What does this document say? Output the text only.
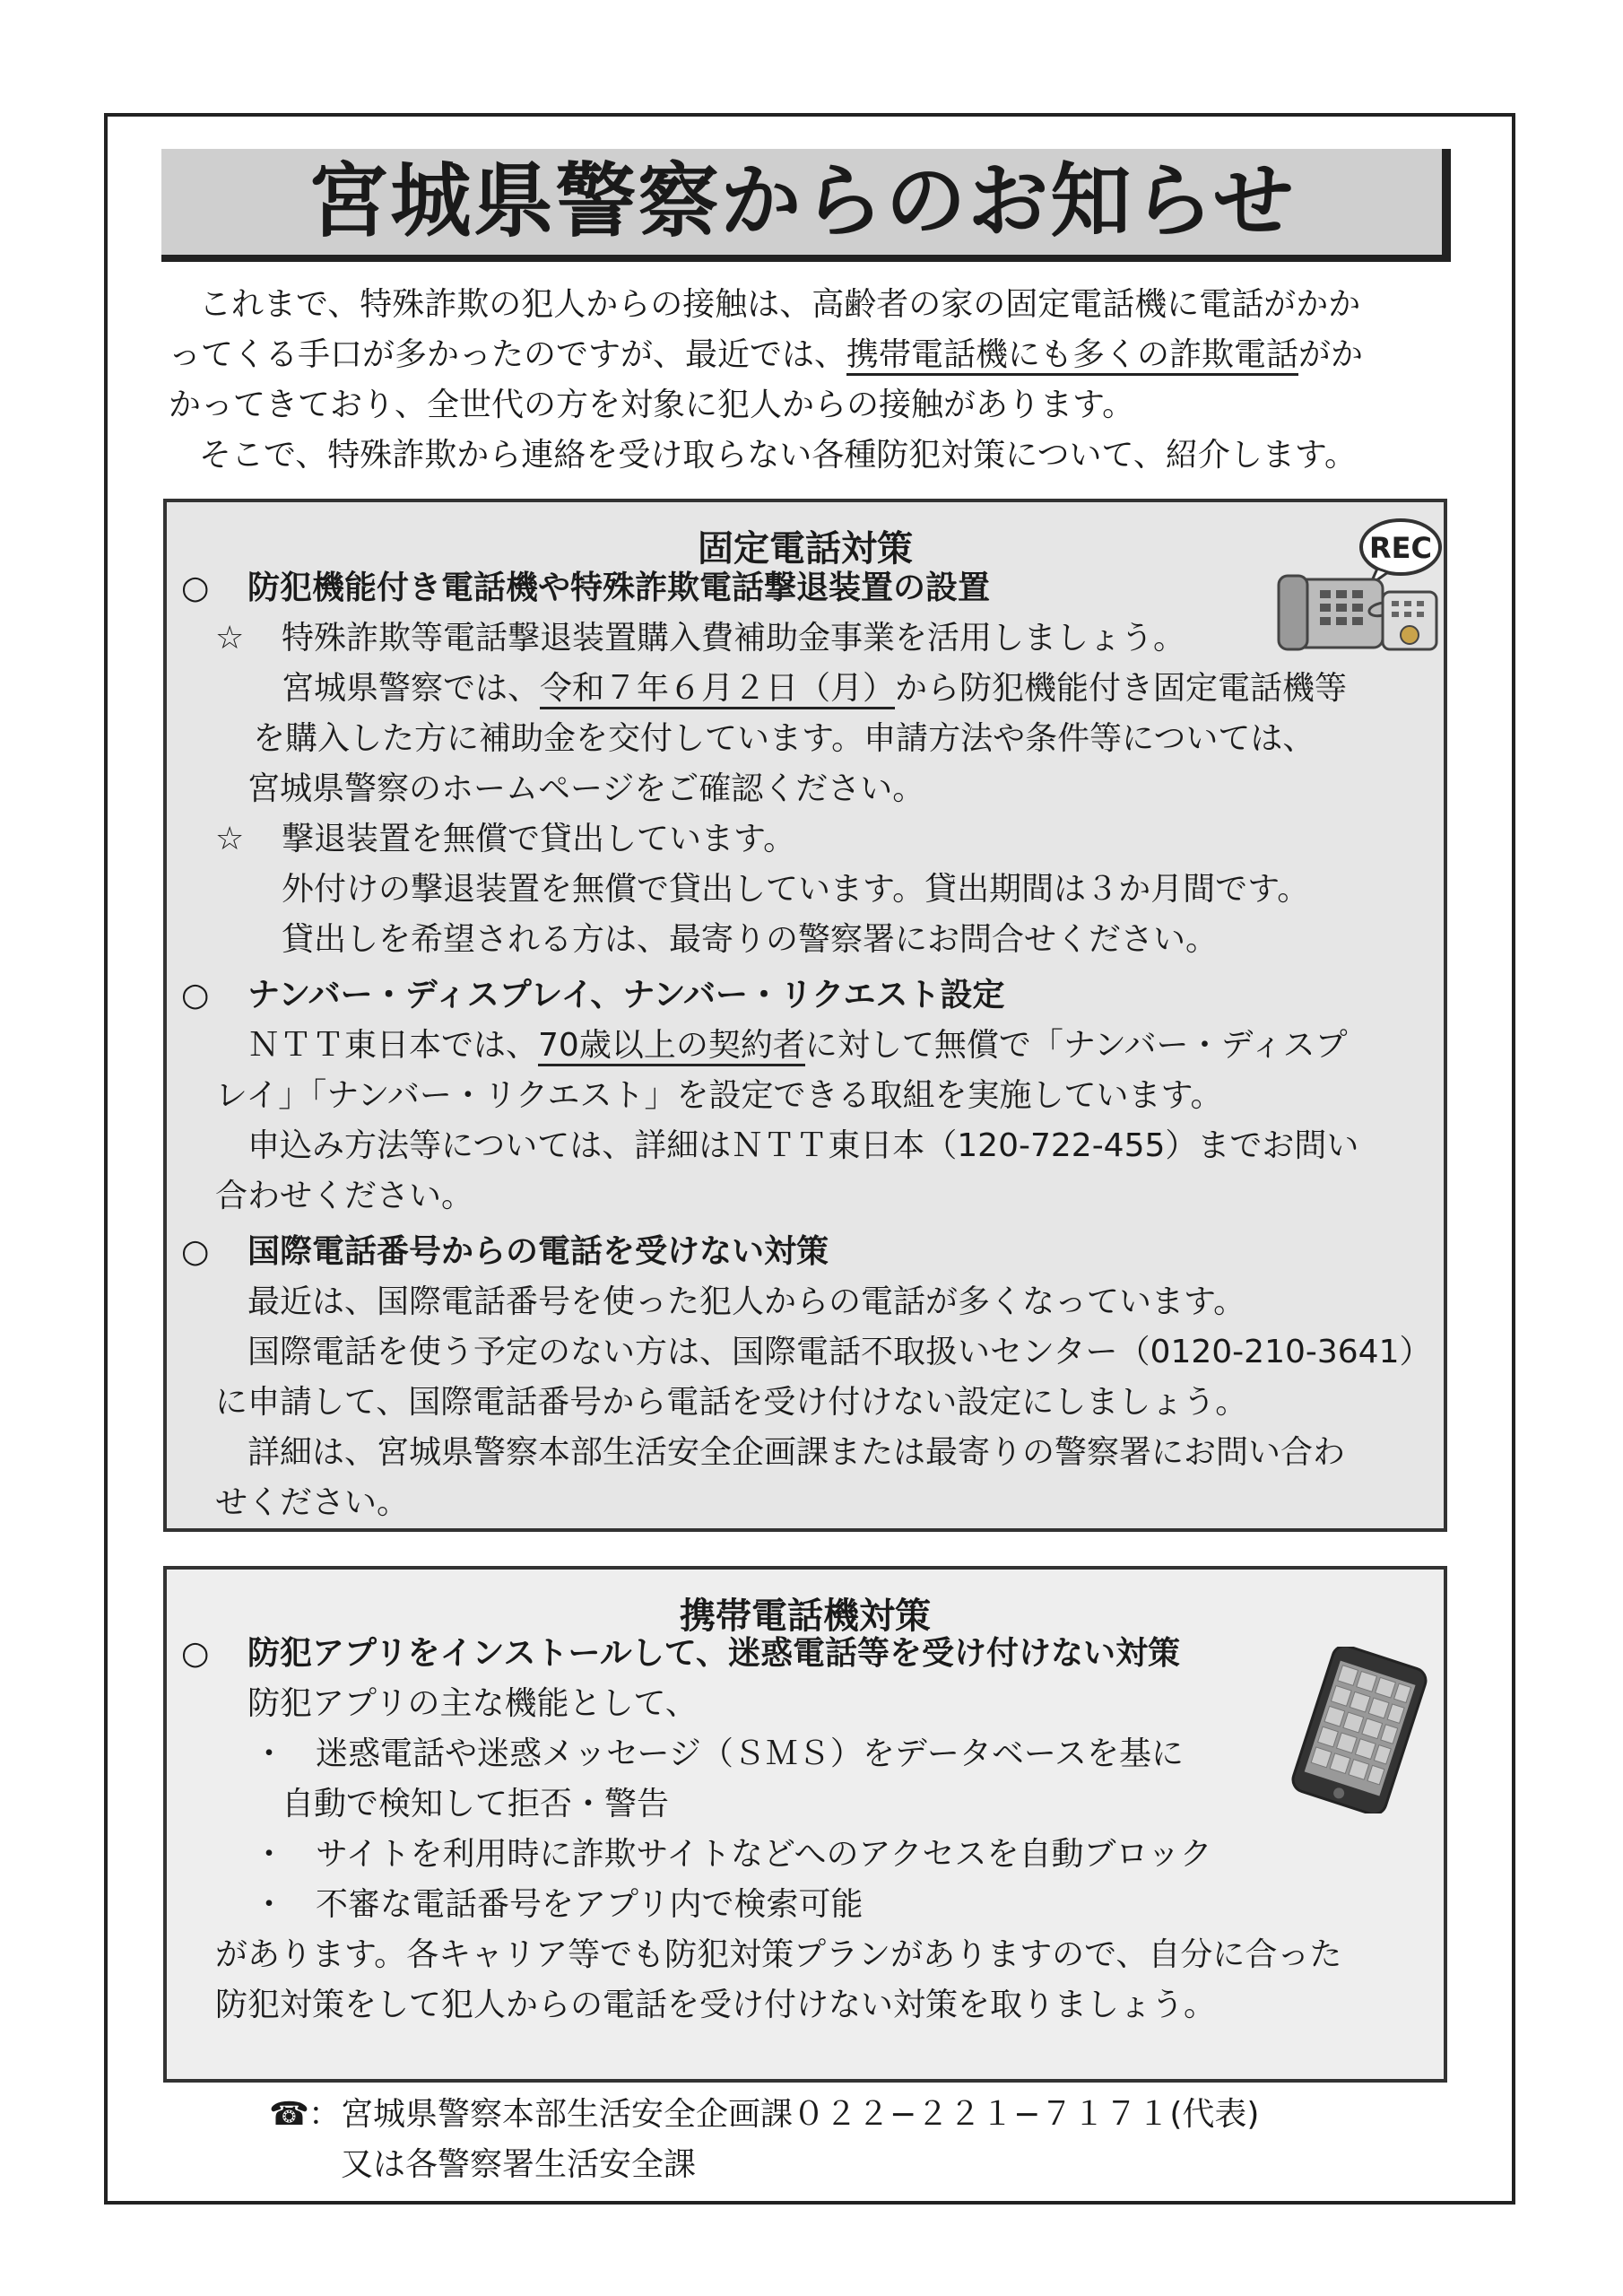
宮城県警察からのお知らせ
これまで、特殊詐欺の犯人からの接触は、高齢者の家の固定電話機に電話がかか
ってくる手口が多かったのですが、最近では、携帯電話機にも多くの詐欺電話がか
かってきており、全世代の方を対象に犯人からの接触があります。
そこで、特殊詐欺から連絡を受け取らない各種防犯対策について、紹介します。
固定電話対策	REC
○ 防犯機能付き電話機や特殊詐欺電話撃退装置の設置
☆ 特殊詐欺等電話撃退装置購入費補助金事業を活用しましょう。
宮城県警察では、令和７年６月２日（月）から防犯機能付き固定電話機等
を購入した方に補助金を交付しています。申請方法や条件等については、
宮城県警察のホームページをご確認ください。
☆ 撃退装置を無償で貸出しています。
外付けの撃退装置を無償で貸出しています。貸出期間は３か月間です。
貸出しを希望される方は、最寄りの警察署にお問合せください。
○ ナンバー・ディスプレイ、ナンバー・リクエスト設定
ＮＴＴ東日本では、70歳以上の契約者に対して無償で「ナンバー・ディスプ
レイ」「ナンバー・リクエスト」を設定できる取組を実施しています。
申込み方法等については、詳細はＮＴＴ東日本（120-722-455）までお問い
合わせください。
○ 国際電話番号からの電話を受けない対策
最近は、国際電話番号を使った犯人からの電話が多くなっています。
国際電話を使う予定のない方は、国際電話不取扱いセンター（0120-210-3641）
に申請して、国際電話番号から電話を受け付けない設定にしましょう。
詳細は、宮城県警察本部生活安全企画課または最寄りの警察署にお問い合わ
せください。
携帯電話機対策
○ 防犯アプリをインストールして、迷惑電話等を受け付けない対策
防犯アプリの主な機能として、
・ 迷惑電話や迷惑メッセージ（ＳＭＳ）をデータベースを基に
自動で検知して拒否・警告
・ サイトを利用時に詐欺サイトなどへのアクセスを自動ブロック
・ 不審な電話番号をアプリ内で検索可能
があります。各キャリア等でも防犯対策プランがありますので、自分に合った
防犯対策をして犯人からの電話を受け付けない対策を取りましょう。
☎ ：宮城県警察本部生活安全企画課０２２−２２１−７１７１(代表)
又は各警察署生活安全課
